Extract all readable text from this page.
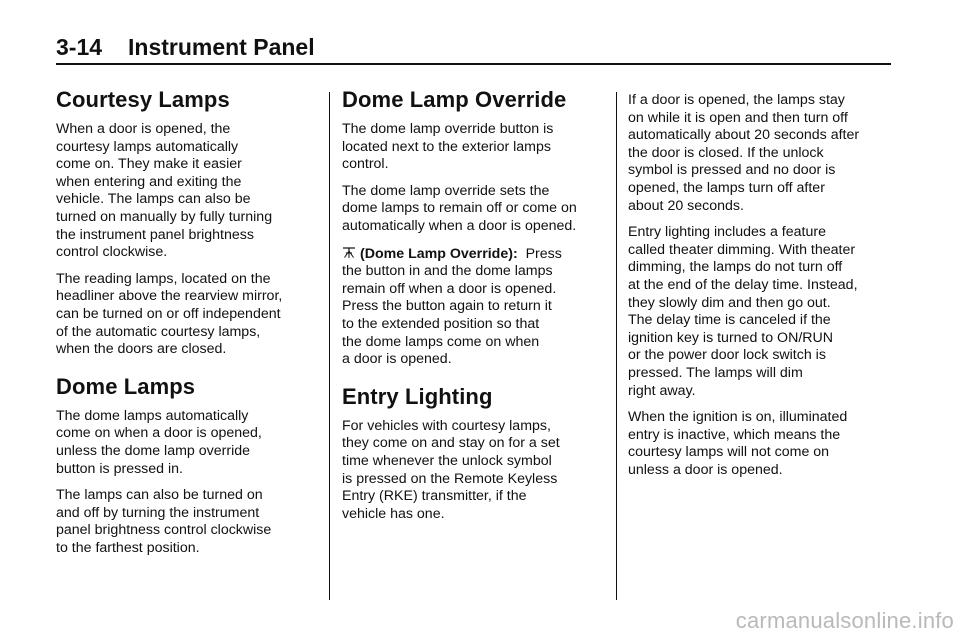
3-14 Instrument Panel
Courtesy Lamps

When a door is opened, the
courtesy lamps automatically
come on. They make it easier
when entering and exiting the
vehicle. The lamps can also be
turned on manually by fully turning
the instrument panel brightness
control clockwise.

The reading lamps, located on the
headliner above the rearview mirror,
can be turned on or off independent
of the automatic courtesy lamps,
when the doors are closed.

Dome Lamps

The dome lamps automatically
come on when a door is opened,
unless the dome lamp override
button is pressed in.

The lamps can also be turned on
and off by turning the instrument
panel brightness control clockwise
to the farthest position.

Dome Lamp Override

The dome lamp override button is
located next to the exterior lamps
control.

The dome lamp override sets the
dome lamps to remain off or come on
automatically when a door is opened.

(Dome Lamp Override): Press
the button in and the dome lamps
remain off when a door is opened.
Press the button again to return it
to the extended position so that
the dome lamps come on when
a door is opened.

Entry Lighting

For vehicles with courtesy lamps,
they come on and stay on for a set
time whenever the unlock symbol
is pressed on the Remote Keyless
Entry (RKE) transmitter, if the
vehicle has one.

If a door is opened, the lamps stay
on while it is open and then turn off
automatically about 20 seconds after
the door is closed. If the unlock
symbol is pressed and no door is
opened, the lamps turn off after
about 20 seconds.

Entry lighting includes a feature
called theater dimming. With theater
dimming, the lamps do not turn off
at the end of the delay time. Instead,
they slowly dim and then go out.
The delay time is canceled if the
ignition key is turned to ON/RUN
or the power door lock switch is
pressed. The lamps will dim
right away.

When the ignition is on, illuminated
entry is inactive, which means the
courtesy lamps will not come on
unless a door is opened.

carmanualsonline.info
